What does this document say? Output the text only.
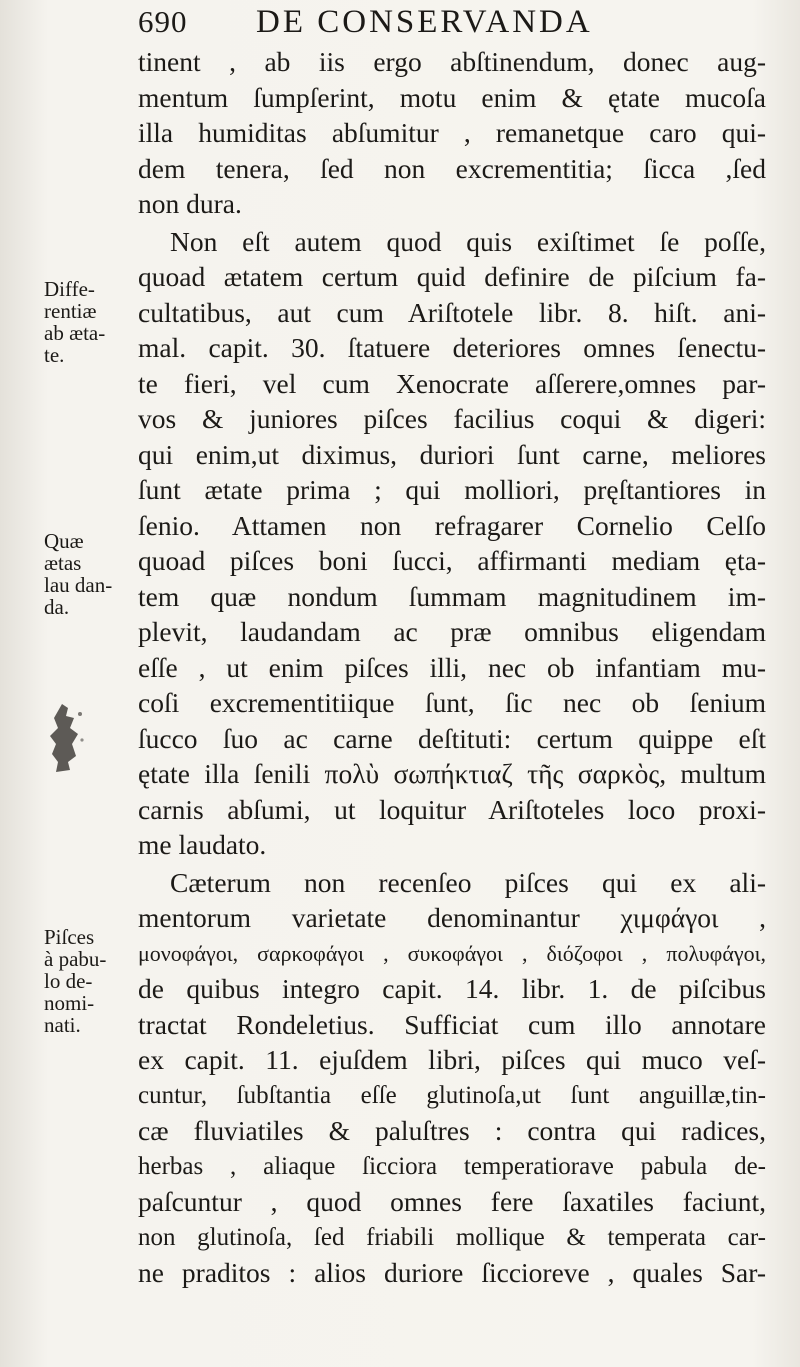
690 DE CONSERVANDA
tinent , ab iis ergo abſtinendum, donec aug-
mentum ſumpſerint, motu enim & ętate mucoſa
illa humiditas abſumitur , remanetque caro qui-
dem tenera, ſed non excrementitia; ſicca ,ſed
non dura.
Non eſt autem quod quis exiſtimet ſe poſſe,
quoad ætatem certum quid definire de piſcium fa-
cultatibus, aut cum Ariſtotele libr. 8. hiſt. ani-
mal. capit. 30. ſtatuere deteriores omnes ſenectu-
te fieri, vel cum Xenocrate aſſerere,omnes par-
vos & juniores piſces facilius coqui & digeri:
qui enim,ut diximus, duriori ſunt carne, meliores
ſunt ætate prima ; qui molliori, pręſtantiores in
ſenio. Attamen non refragarer Cornelio Celſo
quoad piſces boni ſucci, affirmanti mediam ęta-
tem quæ nondum ſummam magnitudinem im-
plevit, laudandam ac præ omnibus eligendam
eſſe , ut enim piſces illi, nec ob infantiam mu-
coſi excrementitiique ſunt, ſic nec ob ſenium
ſucco ſuo ac carne deſtituti: certum quippe eſt
ętate illa ſenili πολὺ σωπήκτιαζ τῆς σαρκὸς, multum
carnis abſumi, ut loquitur Ariſtoteles loco proxi-
me laudato.
Cæterum non recenſeo piſces qui ex ali-
mentorum varietate denominantur χιμφάγοι ,
μονοφάγοι, σαρκοφάγοι , συκοφάγοι , διόζοφοι , πολυφάγοι,
de quibus integro capit. 14. libr. 1. de piſcibus
tractat Rondeletius. Sufficiat cum illo annotare
ex capit. 11. ejuſdem libri, piſces qui muco veſ-
cuntur, ſubſtantia eſſe glutinoſa,ut ſunt anguillæ,tin-
cæ fluviatiles & paluſtres : contra qui radices,
herbas , aliaque ſicciora temperatiorave pabula de-
paſcuntur , quod omnes fere ſaxatiles faciunt,
non glutinoſa, ſed friabili mollique & temperata car-
ne praditos : alios duriore ſiccioreve , quales Sar-
Diffe-
rentiæ
ab æta-
te.
Quæ
ætas
lau dan-
da.
Piſces
à pabu-
lo de-
nomi-
nati.
